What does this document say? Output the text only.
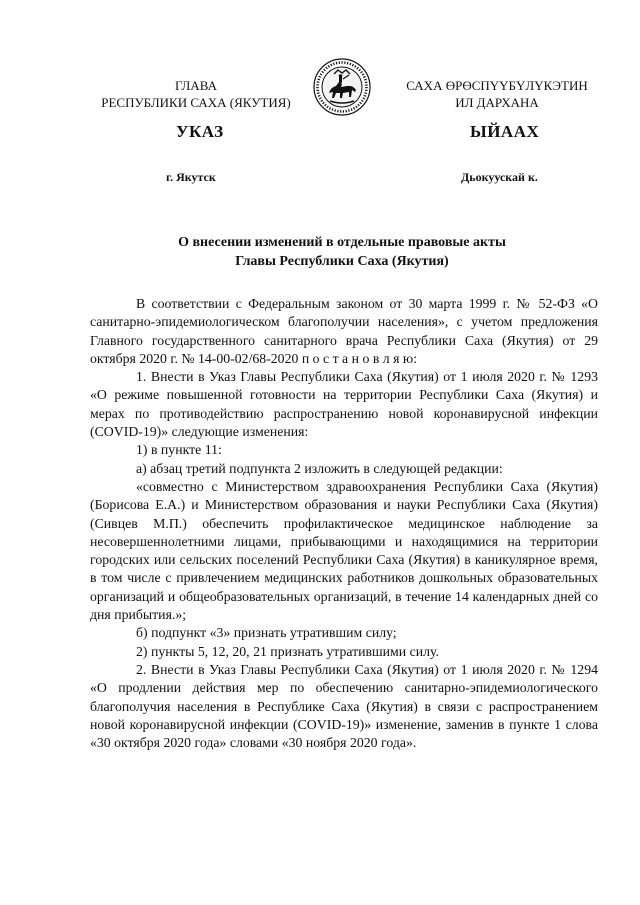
ГЛАВА
РЕСПУБЛИКИ САХА (ЯКУТИЯ)
САХА ӨРӨСПҮҮБҮЛҮКЭТИН
ИЛ ДАРХАНА
УКАЗ	ЫЙААХ
г. Якутск	Дьокуускай к.
О внесении изменений в отдельные правовые акты
Главы Республики Саха (Якутия)

В соответствии с Федеральным законом от 30 марта 1999 г. № 52-ФЗ «О санитарно-эпидемиологическом благополучии населения», с учетом предложения Главного государственного санитарного врача Республики Саха (Якутия) от 29 октября 2020 г. № 14-00-02/68-2020 п о с т а н о в л я ю:

1. Внести в Указ Главы Республики Саха (Якутия) от 1 июля 2020 г. № 1293 «О режиме повышенной готовности на территории Республики Саха (Якутия) и мерах по противодействию распространению новой коронавирусной инфекции (COVID-19)» следующие изменения:

1) в пункте 11:

а) абзац третий подпункта 2 изложить в следующей редакции:

«совместно с Министерством здравоохранения Республики Саха (Якутия) (Борисова Е.А.) и Министерством образования и науки Республики Саха (Якутия) (Сивцев М.П.) обеспечить профилактическое медицинское наблюдение за несовершеннолетними лицами, прибывающими и находящимися на территории городских или сельских поселений Республики Саха (Якутия) в каникулярное время, в том числе с привлечением медицинских работников дошкольных образовательных организаций и общеобразовательных организаций, в течение 14 календарных дней со дня прибытия.»;

б) подпункт «3» признать утратившим силу;

2) пункты 5, 12, 20, 21 признать утратившими силу.

2. Внести в Указ Главы Республики Саха (Якутия) от 1 июля 2020 г. № 1294 «О продлении действия мер по обеспечению санитарно-эпидемиологического благополучия населения в Республике Саха (Якутия) в связи с распространением новой коронавирусной инфекции (COVID-19)» изменение, заменив в пункте 1 слова «30 октября 2020 года» словами «30 ноября 2020 года».
